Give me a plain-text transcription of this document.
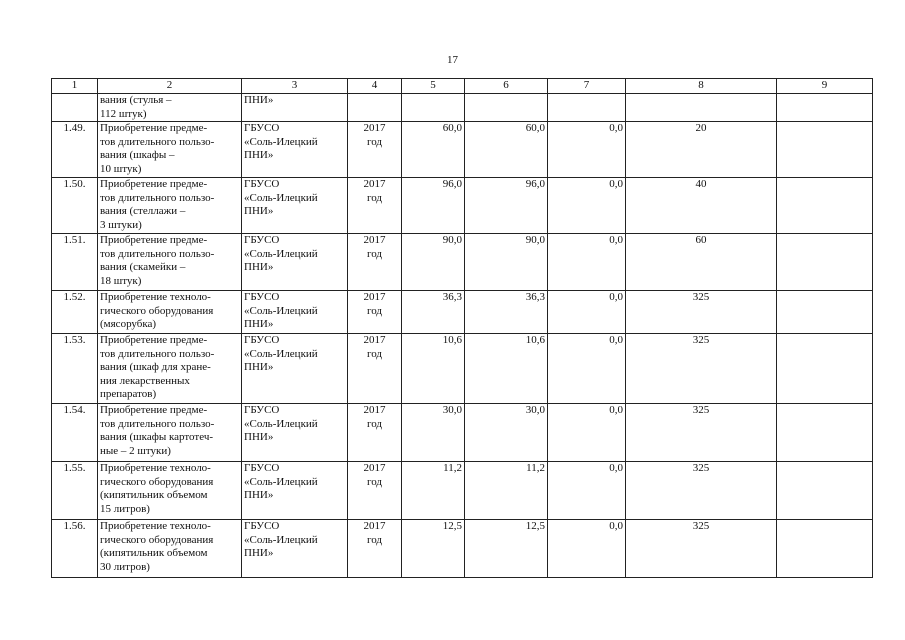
17
1	2	3	4	5	6	7	8	9

	вания (стулья –
112 штук)	ПНИ»						

1.49.	Приобретение предме-
тов длительного пользо-
вания (шкафы –
10 штук)	ГБУСО
«Соль-Илецкий
ПНИ»	2017
год	60,0	60,0	0,0	20	
1.50.	Приобретение предме-
тов длительного пользо-
вания (стеллажи –
3 штуки)	ГБУСО
«Соль-Илецкий
ПНИ»	2017
год	96,0	96,0	0,0	40	
1.51.	Приобретение предме-
тов длительного пользо-
вания (скамейки –
18 штук)	ГБУСО
«Соль-Илецкий
ПНИ»	2017
год	90,0	90,0	0,0	60	
1.52.	Приобретение техноло-
гического оборудования
(мясорубка)	ГБУСО
«Соль-Илецкий
ПНИ»	2017
год	36,3	36,3	0,0	325	
1.53.	Приобретение предме-
тов длительного пользо-
вания (шкаф для хране-
ния лекарственных
препаратов)	ГБУСО
«Соль-Илецкий
ПНИ»	2017
год	10,6	10,6	0,0	325	
1.54.	Приобретение предме-
тов длительного пользо-
вания (шкафы картотеч-
ные – 2 штуки)	ГБУСО
«Соль-Илецкий
ПНИ»	2017
год	30,0	30,0	0,0	325	
1.55.	Приобретение техноло-
гического оборудования
(кипятильник объемом
15 литров)	ГБУСО
«Соль-Илецкий
ПНИ»	2017
год	11,2	11,2	0,0	325	
1.56.	Приобретение техноло-
гического оборудования
(кипятильник объемом
30 литров)	ГБУСО
«Соль-Илецкий
ПНИ»	2017
год	12,5	12,5	0,0	325	
